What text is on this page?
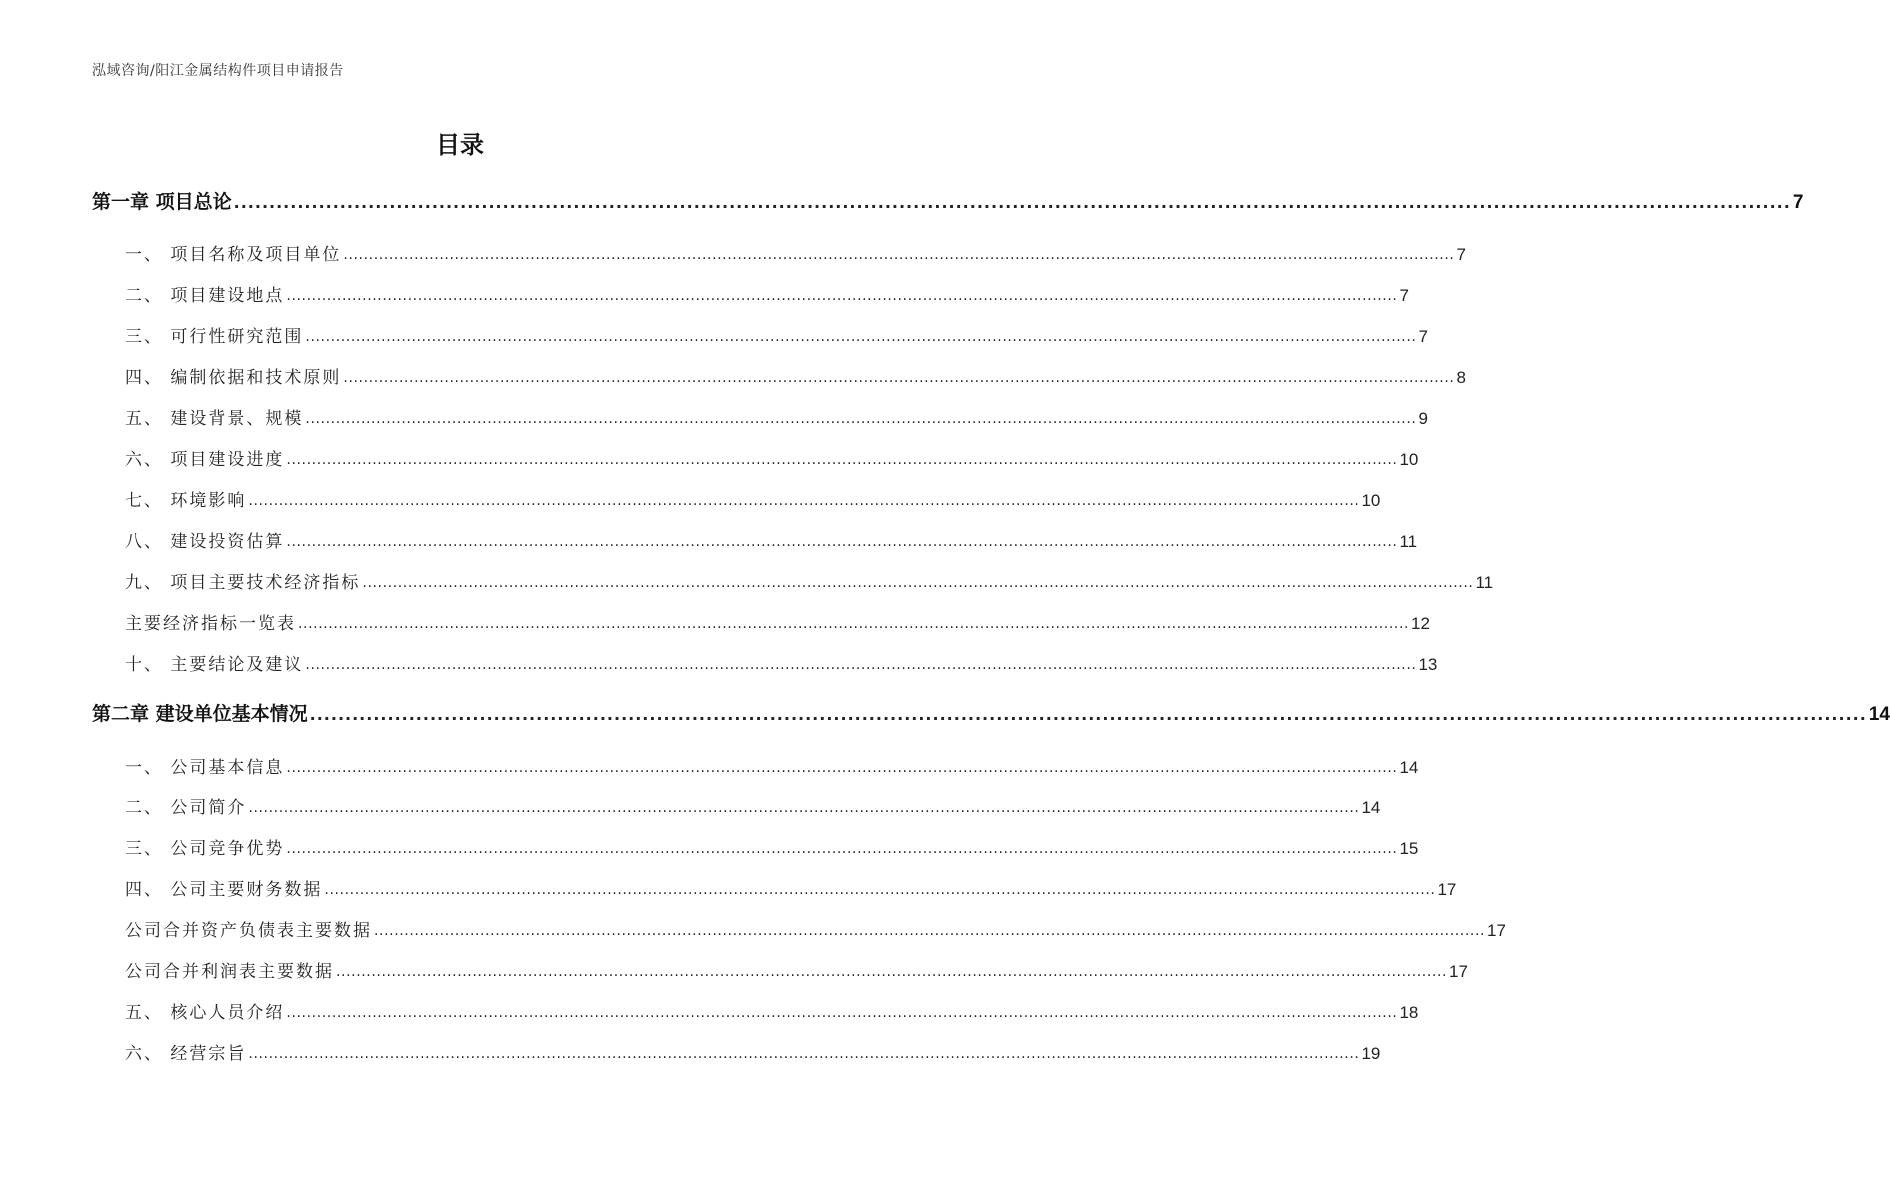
泓域咨询/阳江金属结构件项目申请报告
目录
第一章 项目总论 ............................................................................................................................................................................................................................ 7
一、 项目名称及项目单位 ............................................................................................................................................................................................................................ 7
二、 项目建设地点 ............................................................................................................................................................................................................................ 7
三、 可行性研究范围 ............................................................................................................................................................................................................................ 7
四、 编制依据和技术原则 ............................................................................................................................................................................................................................ 8
五、 建设背景、规模 ............................................................................................................................................................................................................................ 9
六、 项目建设进度 ............................................................................................................................................................................................................................ 10
七、 环境影响 ............................................................................................................................................................................................................................ 10
八、 建设投资估算 ............................................................................................................................................................................................................................ 11
九、 项目主要技术经济指标 ............................................................................................................................................................................................................................ 11
主要经济指标一览表 ............................................................................................................................................................................................................................ 12
十、 主要结论及建议 ............................................................................................................................................................................................................................ 13
第二章 建设单位基本情况 ............................................................................................................................................................................................................................ 14
一、 公司基本信息 ............................................................................................................................................................................................................................ 14
二、 公司简介 ............................................................................................................................................................................................................................ 14
三、 公司竞争优势 ............................................................................................................................................................................................................................ 15
四、 公司主要财务数据 ............................................................................................................................................................................................................................ 17
公司合并资产负债表主要数据 ............................................................................................................................................................................................................................ 17
公司合并利润表主要数据 ............................................................................................................................................................................................................................ 17
五、 核心人员介绍 ............................................................................................................................................................................................................................ 18
六、 经营宗旨 ............................................................................................................................................................................................................................ 19
